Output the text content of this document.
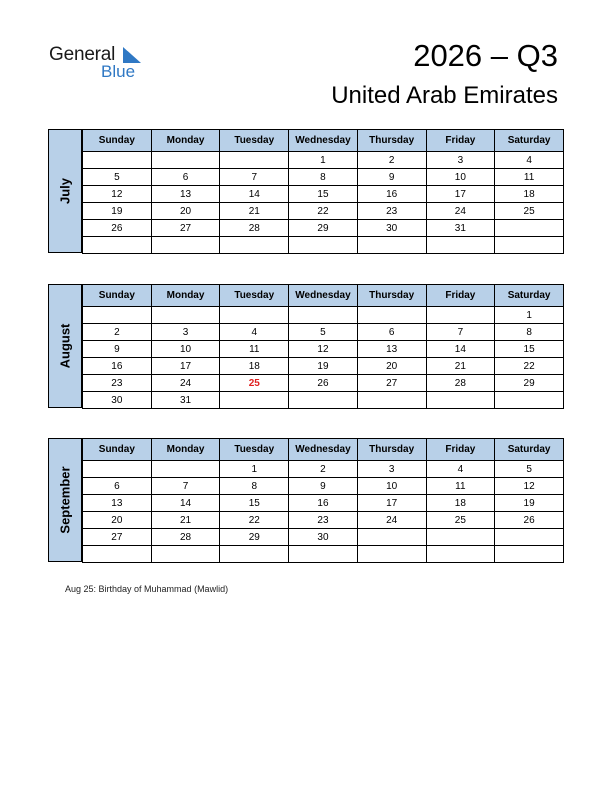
General
Blue	2026 – Q3
United Arab Emirates
July
Sunday	Monday	Tuesday	Wednesday	Thursday	Friday	Saturday
			1	2	3	4
5	6	7	8	9	10	11
12	13	14	15	16	17	18
19	20	21	22	23	24	25
26	27	28	29	30	31	

August
Sunday	Monday	Tuesday	Wednesday	Thursday	Friday	Saturday
						1
2	3	4	5	6	7	8
9	10	11	12	13	14	15
16	17	18	19	20	21	22
23	24	25	26	27	28	29
30	31					
September
Sunday	Monday	Tuesday	Wednesday	Thursday	Friday	Saturday
		1	2	3	4	5
6	7	8	9	10	11	12
13	14	15	16	17	18	19
20	21	22	23	24	25	26
27	28	29	30			

Aug 25: Birthday of Muhammad (Mawlid)
